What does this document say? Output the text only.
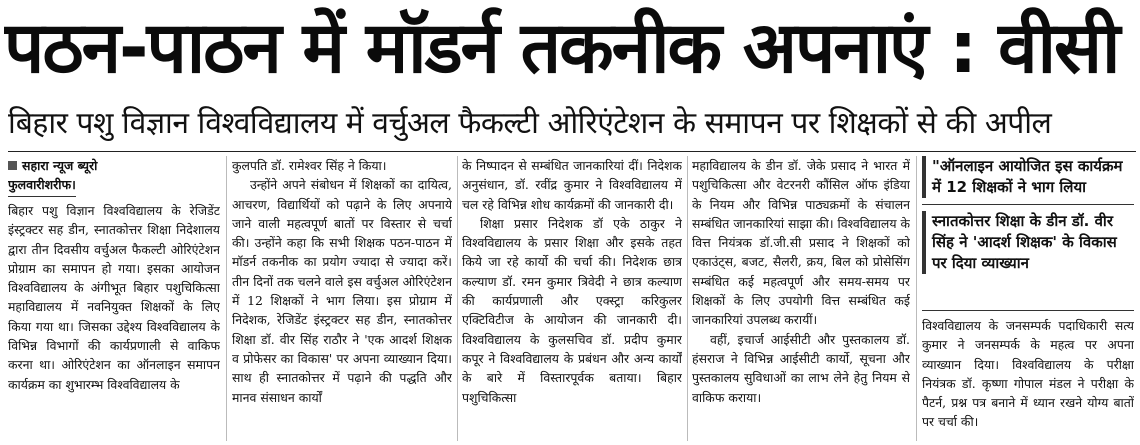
पठन-पाठन में मॉडर्न तकनीक अपनाएं : वीसी
बिहार पशु विज्ञान विश्वविद्यालय में वर्चुअल फैकल्टी ओरिएंटेशन के समापन पर शिक्षकों से की अपील
सहारा न्यूज ब्यूरो
फुलवारीशरीफ।

बिहार पशु विज्ञान विश्वविद्यालय के रेजिडेंट इंस्ट्रक्टर सह डीन, स्नातकोत्तर शिक्षा निदेशालय द्वारा तीन दिवसीय वर्चुअल फैकल्टी ओरिएंटेशन प्रोग्राम का समापन हो गया। इसका आयोजन विश्वविद्यालय के अंगीभूत बिहार पशुचिकित्सा महाविद्यालय में नवनियुक्त शिक्षकों के लिए किया गया था। जिसका उद्देश्य विश्वविद्यालय के विभिन्न विभागों की कार्यप्रणाली से वाकिफ करना था। ओरिएंटेशन का ऑनलाइन समापन कार्यक्रम का शुभारम्भ विश्वविद्यालय के

कुलपति डॉ. रामेश्वर सिंह ने किया।

उन्होंने अपने संबोधन में शिक्षकों का दायित्व, आचरण, विद्यार्थियों को पढ़ाने के लिए अपनाये जाने वाली महत्वपूर्ण बातों पर विस्तार से चर्चा की। उन्होंने कहा कि सभी शिक्षक पठन-पाठन में मॉडर्न तकनीक का प्रयोग ज्यादा से ज्यादा करें। तीन दिनों तक चलने वाले इस वर्चुअल ओरिएंटेशन में 12 शिक्षकों ने भाग लिया। इस प्रोग्राम में निदेशक, रेजिडेंट इंस्ट्रक्टर सह डीन, स्नातकोत्तर शिक्षा डॉ. वीर सिंह राठौर ने 'एक आदर्श शिक्षक व प्रोफेसर का विकास' पर अपना व्याख्यान दिया। साथ ही स्नातकोत्तर में पढ़ाने की पद्धति और मानव संसाधन कार्यों

के निष्पादन से सम्बंधित जानकारियां दीं। निदेशक अनुसंधान, डॉ. रवींद्र कुमार ने विश्वविद्यालय में चल रहे विभिन्न शोध कार्यक्रमों की जानकारी दी।

शिक्षा प्रसार निदेशक डॉ एके ठाकुर ने विश्वविद्यालय के प्रसार शिक्षा और इसके तहत किये जा रहे कार्यो की चर्चा की। निदेशक छात्र कल्याण डॉ. रमन कुमार त्रिवेदी ने छात्र कल्याण की कार्यप्रणाली और एक्स्ट्रा करिकुलर एक्टिविटीज के आयोजन की जानकारी दी। विश्वविद्यालय के कुलसचिव डॉ. प्रदीप कुमार कपूर ने विश्वविद्यालय के प्रबंधन और अन्य कार्यों के बारे में विस्तारपूर्वक बताया। बिहार पशुचिकित्सा

महाविद्यालय के डीन डॉ. जेके प्रसाद ने भारत में पशुचिकित्सा और वेटरनरी कौंसिल ऑफ इंडिया के नियम और विभिन्न पाठ्यक्रमों के संचालन सम्बंधित जानकारियां साझा की। विश्वविद्यालय के वित्त नियंत्रक डॉ.जी.सी प्रसाद ने शिक्षकों को एकाउंट्स, बजट, सैलरी, क्रय, बिल को प्रोसेसिंग सम्बंधित कई महत्वपूर्ण और समय-समय पर शिक्षकों के लिए उपयोगी वित्त सम्बंधित कई जानकारियां उपलब्ध करायीं।

वहीं, इचार्ज आईसीटी और पुस्तकालय डॉ. हंसराज ने विभिन्न आईसीटी कार्यो, सूचना और पुस्तकालय सुविधाओं का लाभ लेने हेतु नियम से वाकिफ कराया।

"ऑनलाइन आयोजित इस कार्यक्रम में 12 शिक्षकों ने भाग लिया
स्नातकोत्तर शिक्षा के डीन डॉ. वीर सिंह ने 'आदर्श शिक्षक' के विकास पर दिया व्याख्यान

विश्वविद्यालय के जनसम्पर्क पदाधिकारी सत्य कुमार ने जनसम्पर्क के महत्व पर अपना व्याख्यान दिया। विश्वविद्यालय के परीक्षा नियंत्रक डॉ. कृष्णा गोपाल मंडल ने परीक्षा के पैटर्न, प्रश्न पत्र बनाने में ध्यान रखने योग्य बातों पर चर्चा की।
